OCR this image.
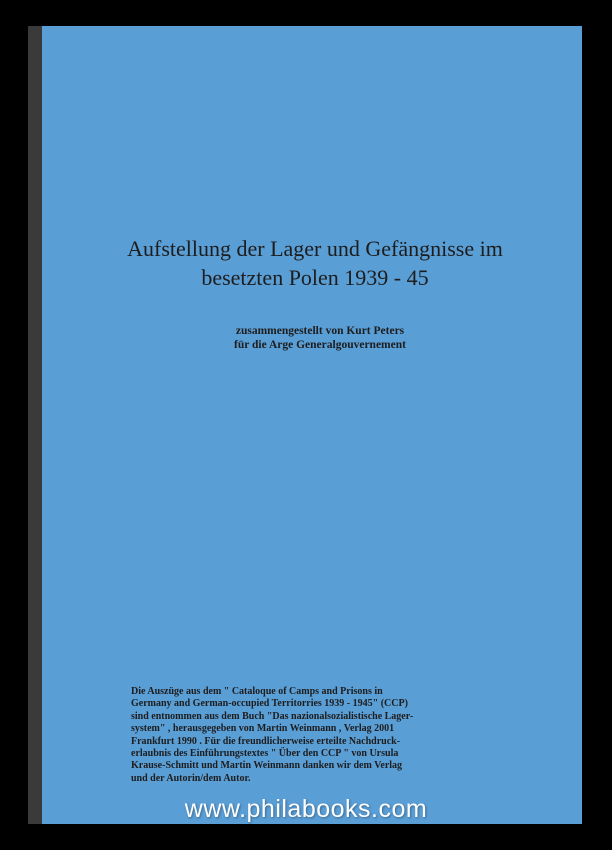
Aufstellung der Lager und Gefängnisse im
besetzten Polen 1939 - 45
zusammengestellt von Kurt Peters
für die Arge Generalgouvernement
Die Auszüge aus dem " Cataloque of Camps and Prisons in
Germany and German-occupied Territorries 1939 - 1945" (CCP)
sind entnommen aus dem Buch "Das nazionalsozialistische Lager-
system" , herausgegeben von Martin Weinmann , Verlag 2001
Frankfurt 1990 . Für die freundlicherweise erteilte Nachdruck-
erlaubnis des Einführungstextes " Über den CCP " von Ursula
Krause-Schmitt und Martin Weinmann danken wir dem Verlag
und der Autorin/dem Autor.
www.philabooks.com
